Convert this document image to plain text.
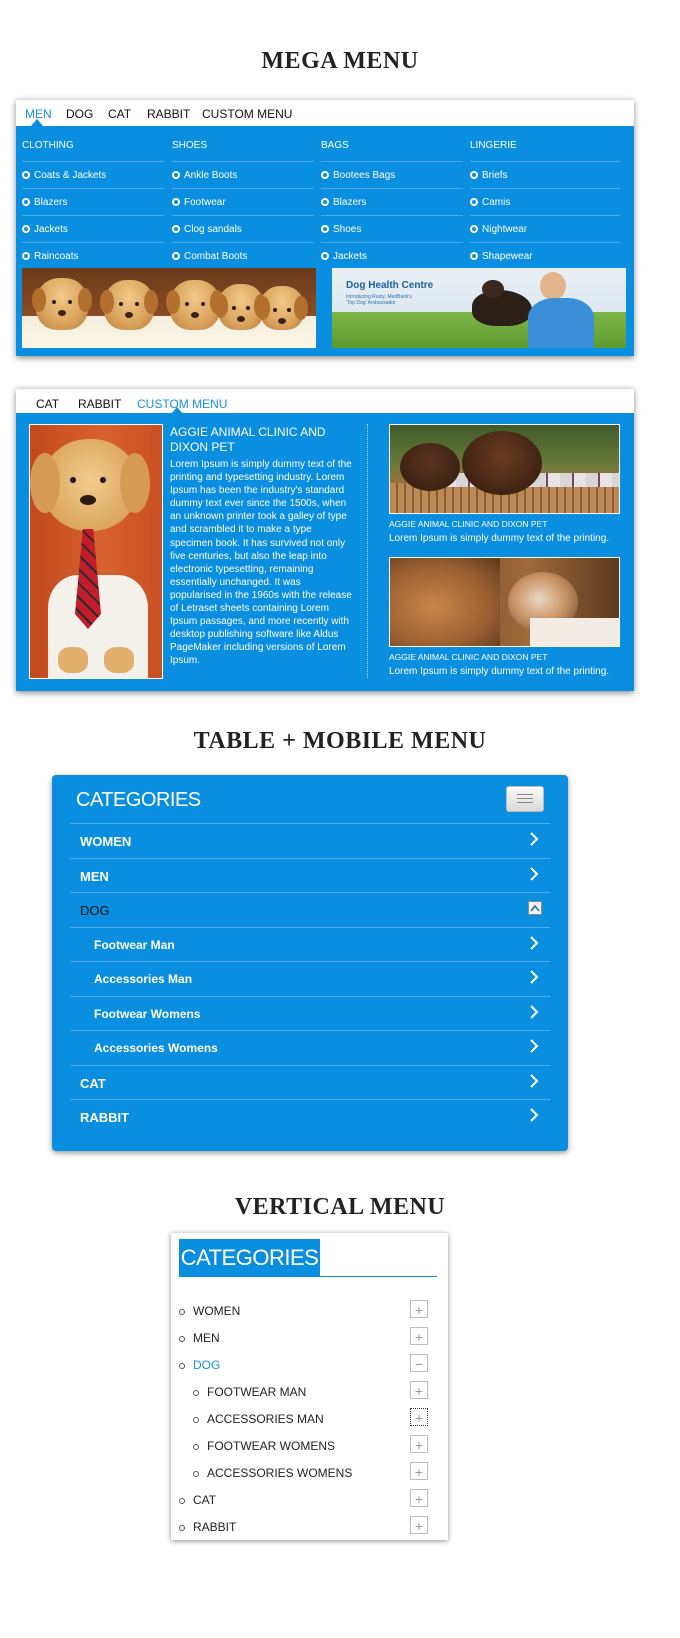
MEGA MENU
MEN DOG CAT RABBIT CUSTOM MENU
CLOTHING
Coats & Jackets
Blazers
Jackets
Raincoats
SHOES
Ankle Boots
Footwear
Clog sandals
Combat Boots
BAGS
Bootees Bags
Blazers
Shoes
Jackets
LINGERIE
Briefs
Camis
Nightwear
Shapewear
Dog Health Centre
Introducing Rusty, MedBank's
'Top Dog' Ambassador
CAT RABBIT CUSTOM MENU
AGGIE ANIMAL CLINIC AND DIXON PET
Lorem Ipsum is simply dummy text of the printing and typesetting industry. Lorem Ipsum has been the industry's standard dummy text ever since the 1500s, when an unknown printer took a galley of type and scrambled it to make a type specimen book. It has survived not only five centuries, but also the leap into electronic typesetting, remaining essentially unchanged. It was popularised in the 1960s with the release of Letraset sheets containing Lorem Ipsum passages, and more recently with desktop publishing software like Aldus PageMaker including versions of Lorem Ipsum.
AGGIE ANIMAL CLINIC AND DIXON PET
Lorem Ipsum is simply dummy text of the printing.
AGGIE ANIMAL CLINIC AND DIXON PET
Lorem Ipsum is simply dummy text of the printing.
TABLE + MOBILE MENU
CATEGORIES
WOMEN
MEN
DOG
Footwear Man
Accessories Man
Footwear Womens
Accessories Womens
CAT
RABBIT
VERTICAL MENU
CATEGORIES
WOMEN	+
MEN	+
DOG	−
FOOTWEAR MAN	+
ACCESSORIES MAN	+
FOOTWEAR WOMENS	+
ACCESSORIES WOMENS	+
CAT	+
RABBIT	+
